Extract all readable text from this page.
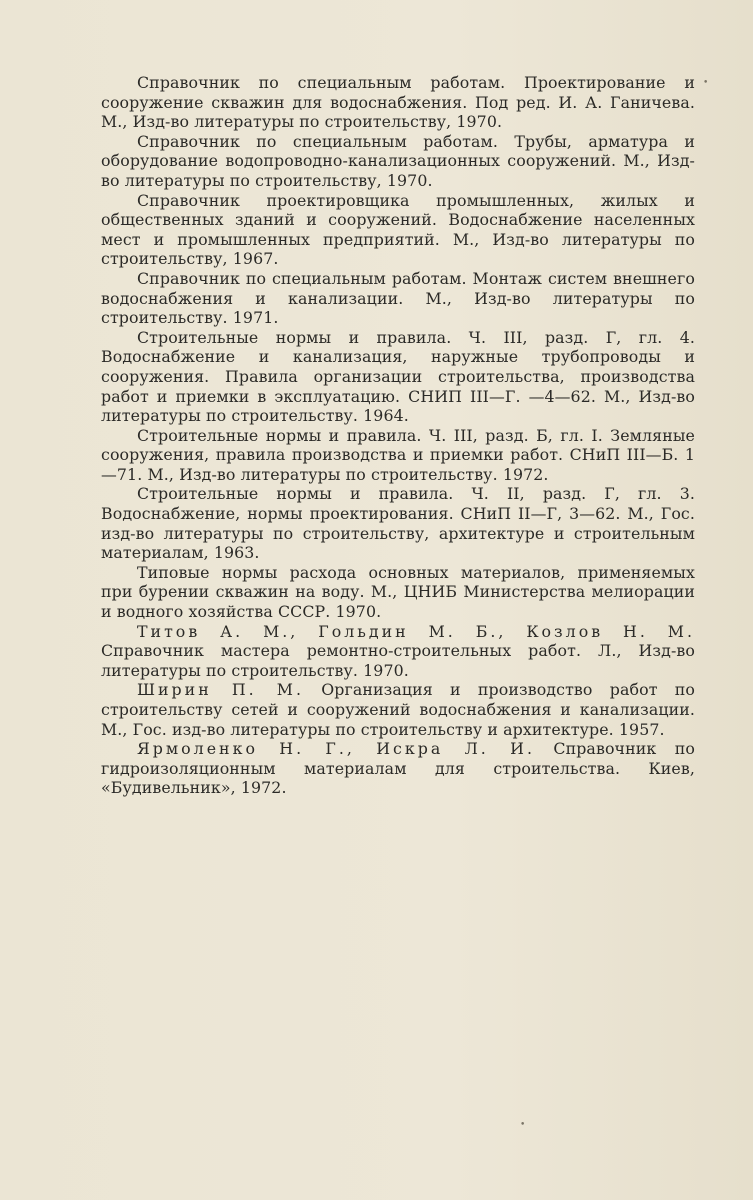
Справочник по специальным работам. Проектирование и сооружение скважин для водоснабжения. Под ред. И. А. Ганичева. М., Изд-во литературы по строительству, 1970.

Справочник по специальным работам. Трубы, арматура и оборудование водопроводно-канализационных сооружений. М., Изд-во литературы по строительству, 1970.

Справочник проектировщика промышленных, жилых и общественных зданий и сооружений. Водоснабжение населенных мест и промышленных предприятий. М., Изд-во литературы по строительству, 1967.

Справочник по специальным работам. Монтаж систем внешнего водоснабжения и канализации. М., Изд-во литературы по строительству. 1971.

Строительные нормы и правила. Ч. III, разд. Г, гл. 4. Водоснабжение и канализация, наружные трубопроводы и сооружения. Правила организации строительства, производства работ и приемки в эксплуатацию. СНИП III—Г. —4—62. М., Изд-во литературы по строительству. 1964.

Строительные нормы и правила. Ч. III, разд. Б, гл. I. Земляные сооружения, правила производства и приемки работ. СНиП III—Б. 1—71. М., Изд-во литературы по строительству. 1972.

Строительные нормы и правила. Ч. II, разд. Г, гл. 3. Водоснабжение, нормы проектирования. СНиП II—Г, 3—62. М., Гос. изд-во литературы по строительству, архитектуре и строительным материалам, 1963.

Типовые нормы расхода основных материалов, применяемых при бурении скважин на воду. М., ЦНИБ Министерства мелиорации и водного хозяйства СССР. 1970.

Титов А. М., Гольдин М. Б., Козлов Н. М. Справочник мастера ремонтно-строительных работ. Л., Изд-во литературы по строительству. 1970.

Ширин П. М. Организация и производство работ по строительству сетей и сооружений водоснабжения и канализации. М., Гос. изд-во литературы по строительству и архитектуре. 1957.

Ярмоленко Н. Г., Искра Л. И. Справочник по гидроизоляционным материалам для строительства. Киев, «Будивельник», 1972.

•
•
